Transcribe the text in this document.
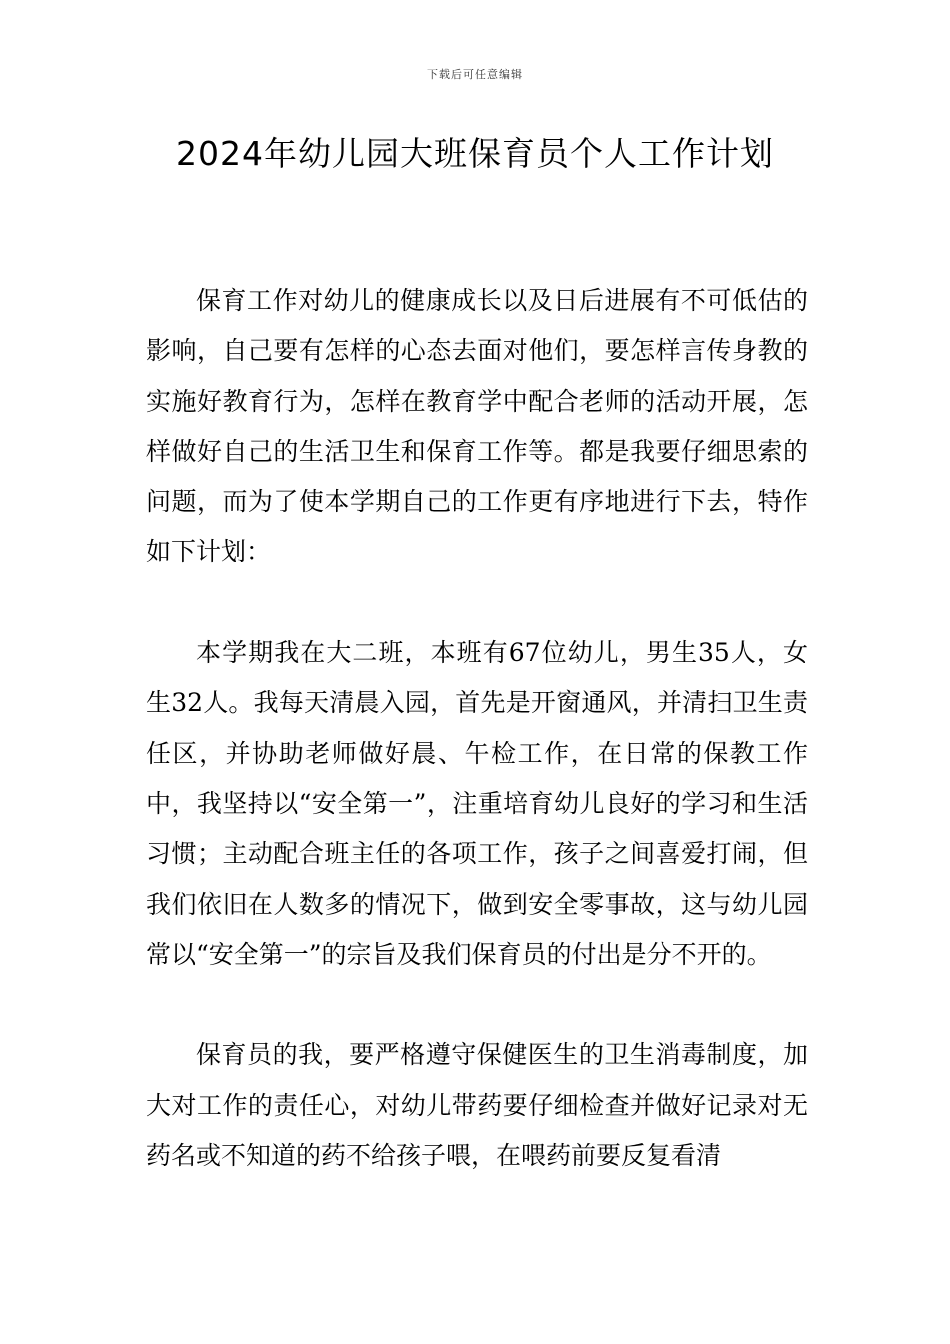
下载后可任意编辑
2024年幼儿园大班保育员个人工作计划

保育工作对幼儿的健康成长以及日后进展有不可低估的影响，自己要有怎样的心态去面对他们，要怎样言传身教的实施好教育行为，怎样在教育学中配合老师的活动开展，怎样做好自己的生活卫生和保育工作等。都是我要仔细思索的问题，而为了使本学期自己的工作更有序地进行下去，特作如下计划：

本学期我在大二班，本班有67位幼儿，男生35人，女生32人。我每天清晨入园，首先是开窗通风，并清扫卫生责任区，并协助老师做好晨、午检工作，在日常的保教工作中，我坚持以“安全第一”，注重培育幼儿良好的学习和生活习惯；主动配合班主任的各项工作，孩子之间喜爱打闹，但我们依旧在人数多的情况下，做到安全零事故，这与幼儿园常以“安全第一”的宗旨及我们保育员的付出是分不开的。

保育员的我，要严格遵守保健医生的卫生消毒制度，加大对工作的责任心，对幼儿带药要仔细检查并做好记录对无药名或不知道的药不给孩子喂，在喂药前要反复看清
